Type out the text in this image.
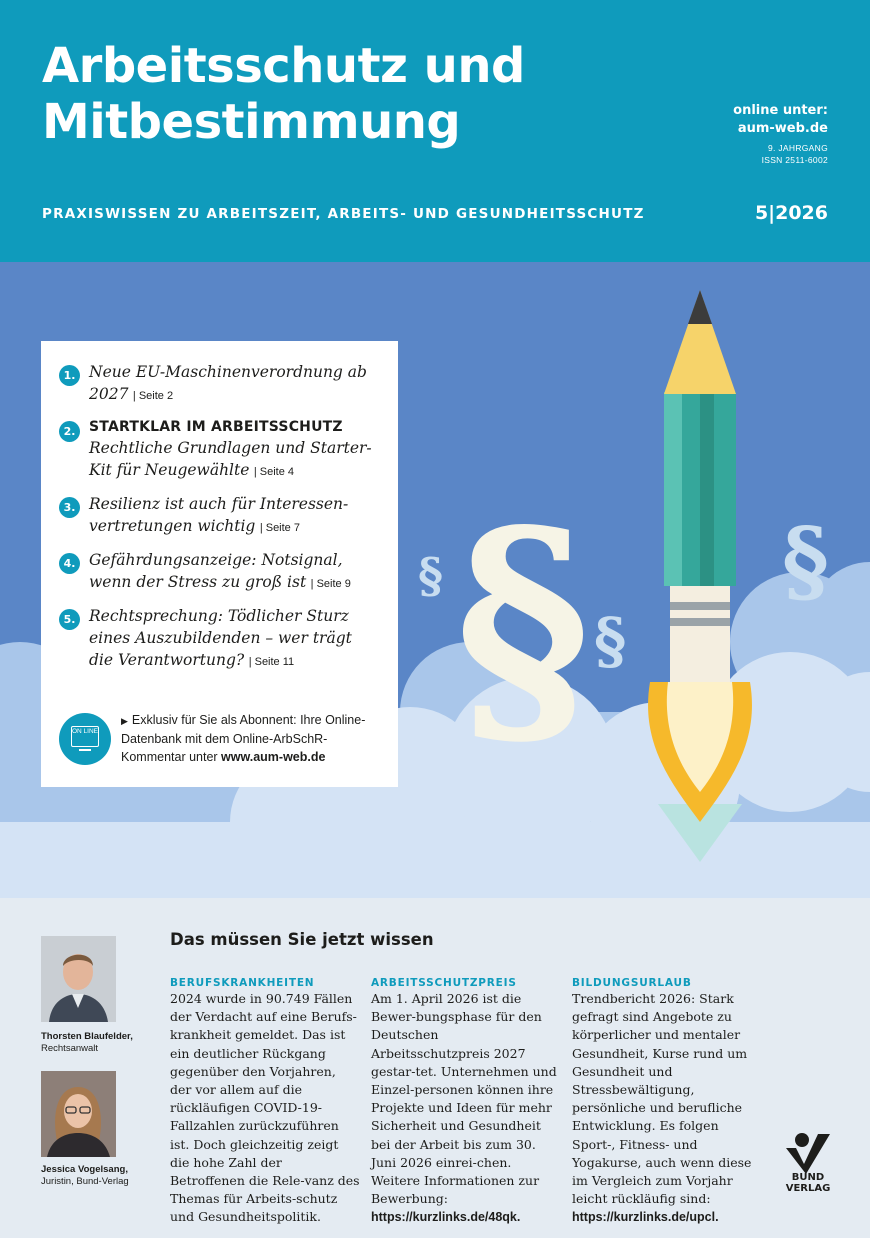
Arbeitsschutz und
Mitbestimmung	online unter:
aum-web.de
9. JAHRGANG
ISSN 2511-6002
PRAXISWISSEN ZU ARBEITSZEIT, ARBEITS- UND GESUNDHEITSSCHUTZ	5|2026
§
§
§
§
1. Neue EU-Maschinenverordnung ab 2027 | Seite 2
2. STARTKLAR IM ARBEITSSCHUTZ
Rechtliche Grundlagen und Starter-Kit für Neugewählte | Seite 4
3. Resilienz ist auch für Interessen-vertretungen wichtig | Seite 7
4. Gefährdungsanzeige: Notsignal, wenn der Stress zu groß ist | Seite 9
5. Rechtsprechung: Tödlicher Sturz eines Auszubildenden – wer trägt die Verantwortung? | Seite 11
ON LINE
▶ Exklusiv für Sie als Abonnent: Ihre Online-Datenbank mit dem Online-ArbSchR-Kommentar unter www.aum-web.de
Thorsten Blaufelder,
Rechtsanwalt
Jessica Vogelsang,
Juristin, Bund-Verlag
Das müssen Sie jetzt wissen
BERUFSKRANKHEITEN
2024 wurde in 90.749 Fällen der Verdacht auf eine Berufs-krankheit gemeldet. Das ist ein deutlicher Rückgang gegenüber den Vorjahren, der vor allem auf die rückläufigen COVID-19-Fallzahlen zurückzuführen ist. Doch gleichzeitig zeigt die hohe Zahl der Betroffenen die Rele-vanz des Themas für Arbeits-schutz und Gesundheitspolitik.
ARBEITSSCHUTZPREIS
Am 1. April 2026 ist die Bewer-bungsphase für den Deutschen Arbeitsschutzpreis 2027 gestar-tet. Unternehmen und Einzel-personen können ihre Projekte und Ideen für mehr Sicherheit und Gesundheit bei der Arbeit bis zum 30. Juni 2026 einrei-chen. Weitere Informationen zur Bewerbung:
https://kurzlinks.de/48qk.
BILDUNGSURLAUB
Trendbericht 2026: Stark gefragt sind Angebote zu körperlicher und mentaler Gesundheit, Kurse rund um Gesundheit und Stressbewältigung, persönliche und berufliche Entwicklung. Es folgen Sport-, Fitness- und Yogakurse, auch wenn diese im Vergleich zum Vorjahr leicht rückläufig sind:
https://kurzlinks.de/upcl.
BUND
VERLAG
